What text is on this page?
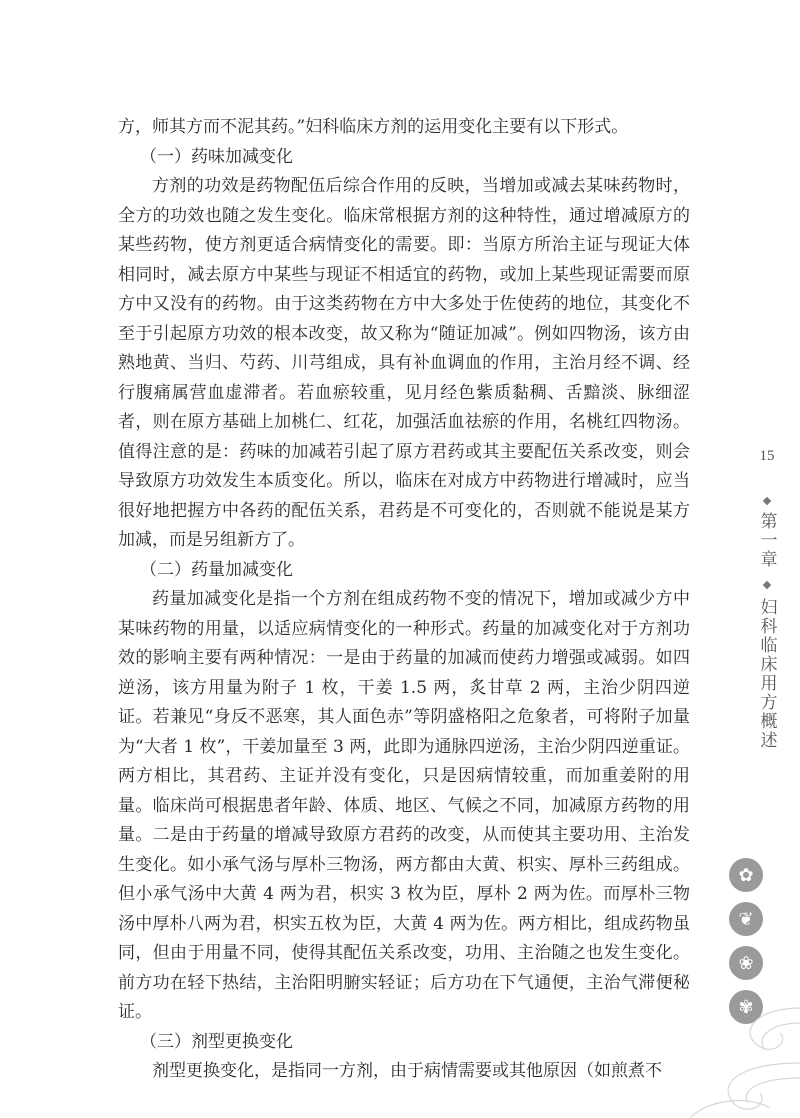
方，师其方而不泥其药。”妇科临床方剂的运用变化主要有以下形式。

（一）药味加减变化

方剂的功效是药物配伍后综合作用的反映，当增加或减去某味药物时，全方的功效也随之发生变化。临床常根据方剂的这种特性，通过增减原方的某些药物，使方剂更适合病情变化的需要。即：当原方所治主证与现证大体相同时，减去原方中某些与现证不相适宜的药物，或加上某些现证需要而原方中又没有的药物。由于这类药物在方中大多处于佐使药的地位，其变化不至于引起原方功效的根本改变，故又称为“随证加减”。例如四物汤，该方由熟地黄、当归、芍药、川芎组成，具有补血调血的作用，主治月经不调、经行腹痛属营血虚滞者。若血瘀较重，见月经色紫质黏稠、舌黯淡、脉细涩者，则在原方基础上加桃仁、红花，加强活血祛瘀的作用，名桃红四物汤。值得注意的是：药味的加减若引起了原方君药或其主要配伍关系改变，则会导致原方功效发生本质变化。所以，临床在对成方中药物进行增减时，应当很好地把握方中各药的配伍关系，君药是不可变化的，否则就不能说是某方加减，而是另组新方了。

（二）药量加减变化

药量加减变化是指一个方剂在组成药物不变的情况下，增加或减少方中某味药物的用量，以适应病情变化的一种形式。药量的加减变化对于方剂功效的影响主要有两种情况：一是由于药量的加减而使药力增强或减弱。如四逆汤，该方用量为附子 1 枚，干姜 1.5 两，炙甘草 2 两，主治少阴四逆证。若兼见“身反不恶寒，其人面色赤”等阴盛格阳之危象者，可将附子加量为“大者 1 枚”，干姜加量至 3 两，此即为通脉四逆汤，主治少阴四逆重证。两方相比，其君药、主证并没有变化，只是因病情较重，而加重姜附的用量。临床尚可根据患者年龄、体质、地区、气候之不同，加减原方药物的用量。二是由于药量的增减导致原方君药的改变，从而使其主要功用、主治发生变化。如小承气汤与厚朴三物汤，两方都由大黄、枳实、厚朴三药组成。但小承气汤中大黄 4 两为君，枳实 3 枚为臣，厚朴 2 两为佐。而厚朴三物汤中厚朴八两为君，枳实五枚为臣，大黄 4 两为佐。两方相比，组成药物虽同，但由于用量不同，使得其配伍关系改变，功用、主治随之也发生变化。前方功在轻下热结，主治阳明腑实轻证；后方功在下气通便，主治气滞便秘证。

（三）剂型更换变化

剂型更换变化，是指同一方剂，由于病情需要或其他原因（如煎煮不

15
第一章
妇科临床用方概述
✿
❦
❀
✾
